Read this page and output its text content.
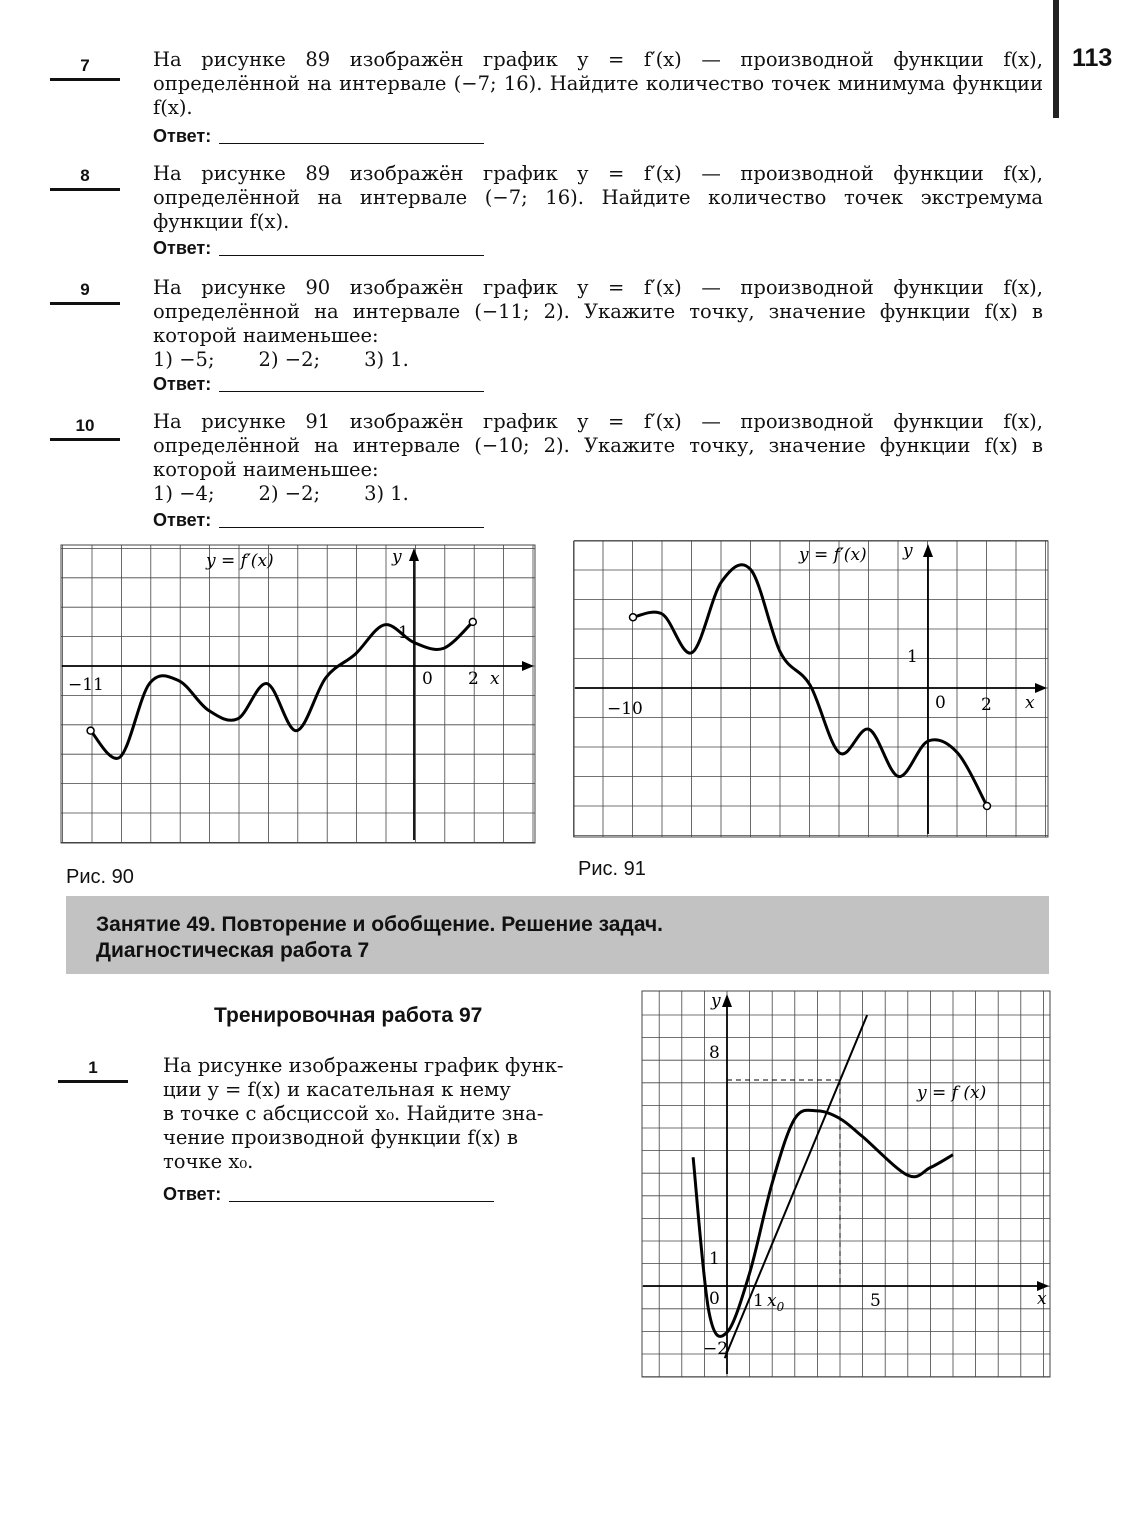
113
7	На рисунке 89 изображён график y = f′(x) — производной функции f(x), определённой на интервале (−7; 16). Найдите количество точек минимума функции f(x).
Ответ:
8	На рисунке 89 изображён график y = f′(x) — производной функции f(x), определённой на интервале (−7; 16). Найдите количество точек экстремума функции f(x).
Ответ:
9	На рисунке 90 изображён график y = f′(x) — производной функции f(x), определённой на интервале (−11; 2). Укажите точку, значение функции f(x) в которой наименьшее:
1) −5; 2) −2; 3) 1.
Ответ:
10	На рисунке 91 изображён график y = f′(x) — производной функции f(x), определённой на интервале (−10; 2). Укажите точку, значение функции f(x) в которой наименьшее:
1) −4; 2) −2; 3) 1.
Ответ:
y = f′(x)	y
x
−11	0 2
1
Рис. 90
y = f′(x) y
x
−10	0 2
1
Рис. 91
Занятие 49. Повторение и обобщение. Решение задач.
Диагностическая работа 7
Тренировочная работа 97
1	На рисунке изображены график функ-
ции y = f(x) и касательная к нему
в точке с абсциссой x₀. Найдите зна-
чение производной функции f(x) в
точке x₀.
Ответ:
y = f (x)
y
x
8
1
−2
0 1 $x_0$	5
